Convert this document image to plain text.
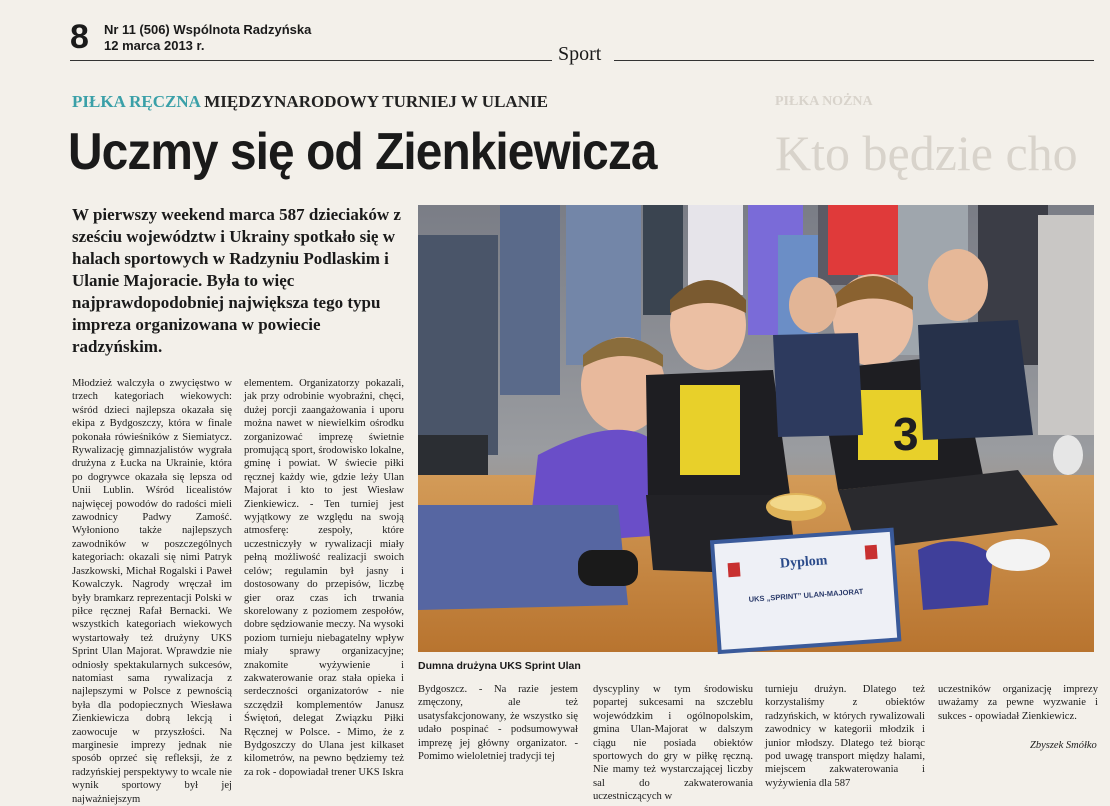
PIŁKA NOŻNA
Kto będzie cho
8 Nr 11 (506) Wspólnota Radzyńska
12 marca 2013 r.	Sport
PIŁKA RĘCZNA MIĘDZYNARODOWY TURNIEJ W ULANIE
Uczmy się od Zienkiewicza
W pierwszy weekend marca 587 dzieciaków z sześciu województw i Ukrainy spotkało się w halach sportowych w Radzyniu Podlaskim i Ulanie Majoracie. Była to więc najprawdopodobniej największa tego typu impreza organizowana w powiecie radzyńskim.
Młodzież walczyła o zwycięstwo w trzech kategoriach wiekowych: wśród dzieci najlepsza okazała się ekipa z Bydgoszczy, która w finale pokonała rówieśników z Siemiatycz. Rywalizację gimnazjalistów wygrała drużyna z Łucka na Ukrainie, która po dogrywce okazała się lepsza od Unii Lublin. Wśród licealistów najwięcej powodów do radości mieli zawodnicy Padwy Zamość. Wyłoniono także najlepszych zawodników w poszczególnych kategoriach: okazali się nimi Patryk Jaszkowski, Michał Rogalski i Paweł Kowalczyk. Nagrody wręczał im były bramkarz reprezentacji Polski w piłce ręcznej Rafał Bernacki. We wszystkich kategoriach wiekowych wystartowały też drużyny UKS Sprint Ulan Majorat. Wprawdzie nie odniosły spektakularnych sukcesów, natomiast sama rywalizacja z najlepszymi w Polsce z pewnością była dla podopiecznych Wiesława Zienkiewicza dobrą lekcją i zaowocuje w przyszłości. Na marginesie imprezy jednak nie sposób oprzeć się refleksji, że z radzyńskiej perspektywy to wcale nie wynik sportowy był jej najważniejszym
elementem. Organizatorzy pokazali, jak przy odrobinie wyobraźni, chęci, dużej porcji zaangażowania i uporu można nawet w niewielkim ośrodku zorganizować imprezę świetnie promującą sport, środowisko lokalne, gminę i powiat. W świecie piłki ręcznej każdy wie, gdzie leży Ulan Majorat i kto to jest Wiesław Zienkiewicz. - Ten turniej jest wyjątkowy ze względu na swoją atmosferę: zespoły, które uczestniczyły w rywalizacji miały pełną możliwość realizacji swoich celów; regulamin był jasny i dostosowany do przepisów, liczbę gier oraz czas ich trwania skorelowany z poziomem zespołów, dobre sędziowanie meczy. Na wysoki poziom turnieju niebagatelny wpływ miały sprawy organizacyjne; znakomite wyżywienie i zakwaterowanie oraz stała opieka i serdeczności organizatorów - nie szczędził komplementów Janusz Świętoń, delegat Związku Piłki Ręcznej w Polsce. - Mimo, że z Bydgoszczy do Ulana jest kilkaset kilometrów, na pewno będziemy też za rok - dopowiadał trener UKS Iskra
Bydgoszcz. - Na razie jestem zmęczony, ale też usatysfakcjonowany, że wszystko się udało pospinać - podsumowywał imprezę jej główny organizator. - Pomimo wieloletniej tradycji tej
dyscypliny w tym środowisku popartej sukcesami na szczeblu wojewódzkim i ogólnopolskim, gmina Ulan-Majorat w dalszym ciągu nie posiada obiektów sportowych do gry w piłkę ręczną. Nie mamy też wystarczającej liczby sal do zakwaterowania uczestniczących w
turnieju drużyn. Dlatego też korzystaliśmy z obiektów radzyńskich, w których rywalizowali zawodnicy w kategorii młodzik i junior młodszy. Dlatego też biorąc pod uwagę transport między halami, miejscem zakwaterowania i wyżywienia dla 587
uczestników organizację imprezy uważamy za pewne wyzwanie i sukces - opowiadał Zienkiewicz.
3
Dyplom
UKS „SPRINT” ULAN-MAJORAT
Dumna drużyna UKS Sprint Ulan
Zbyszek Smółko
